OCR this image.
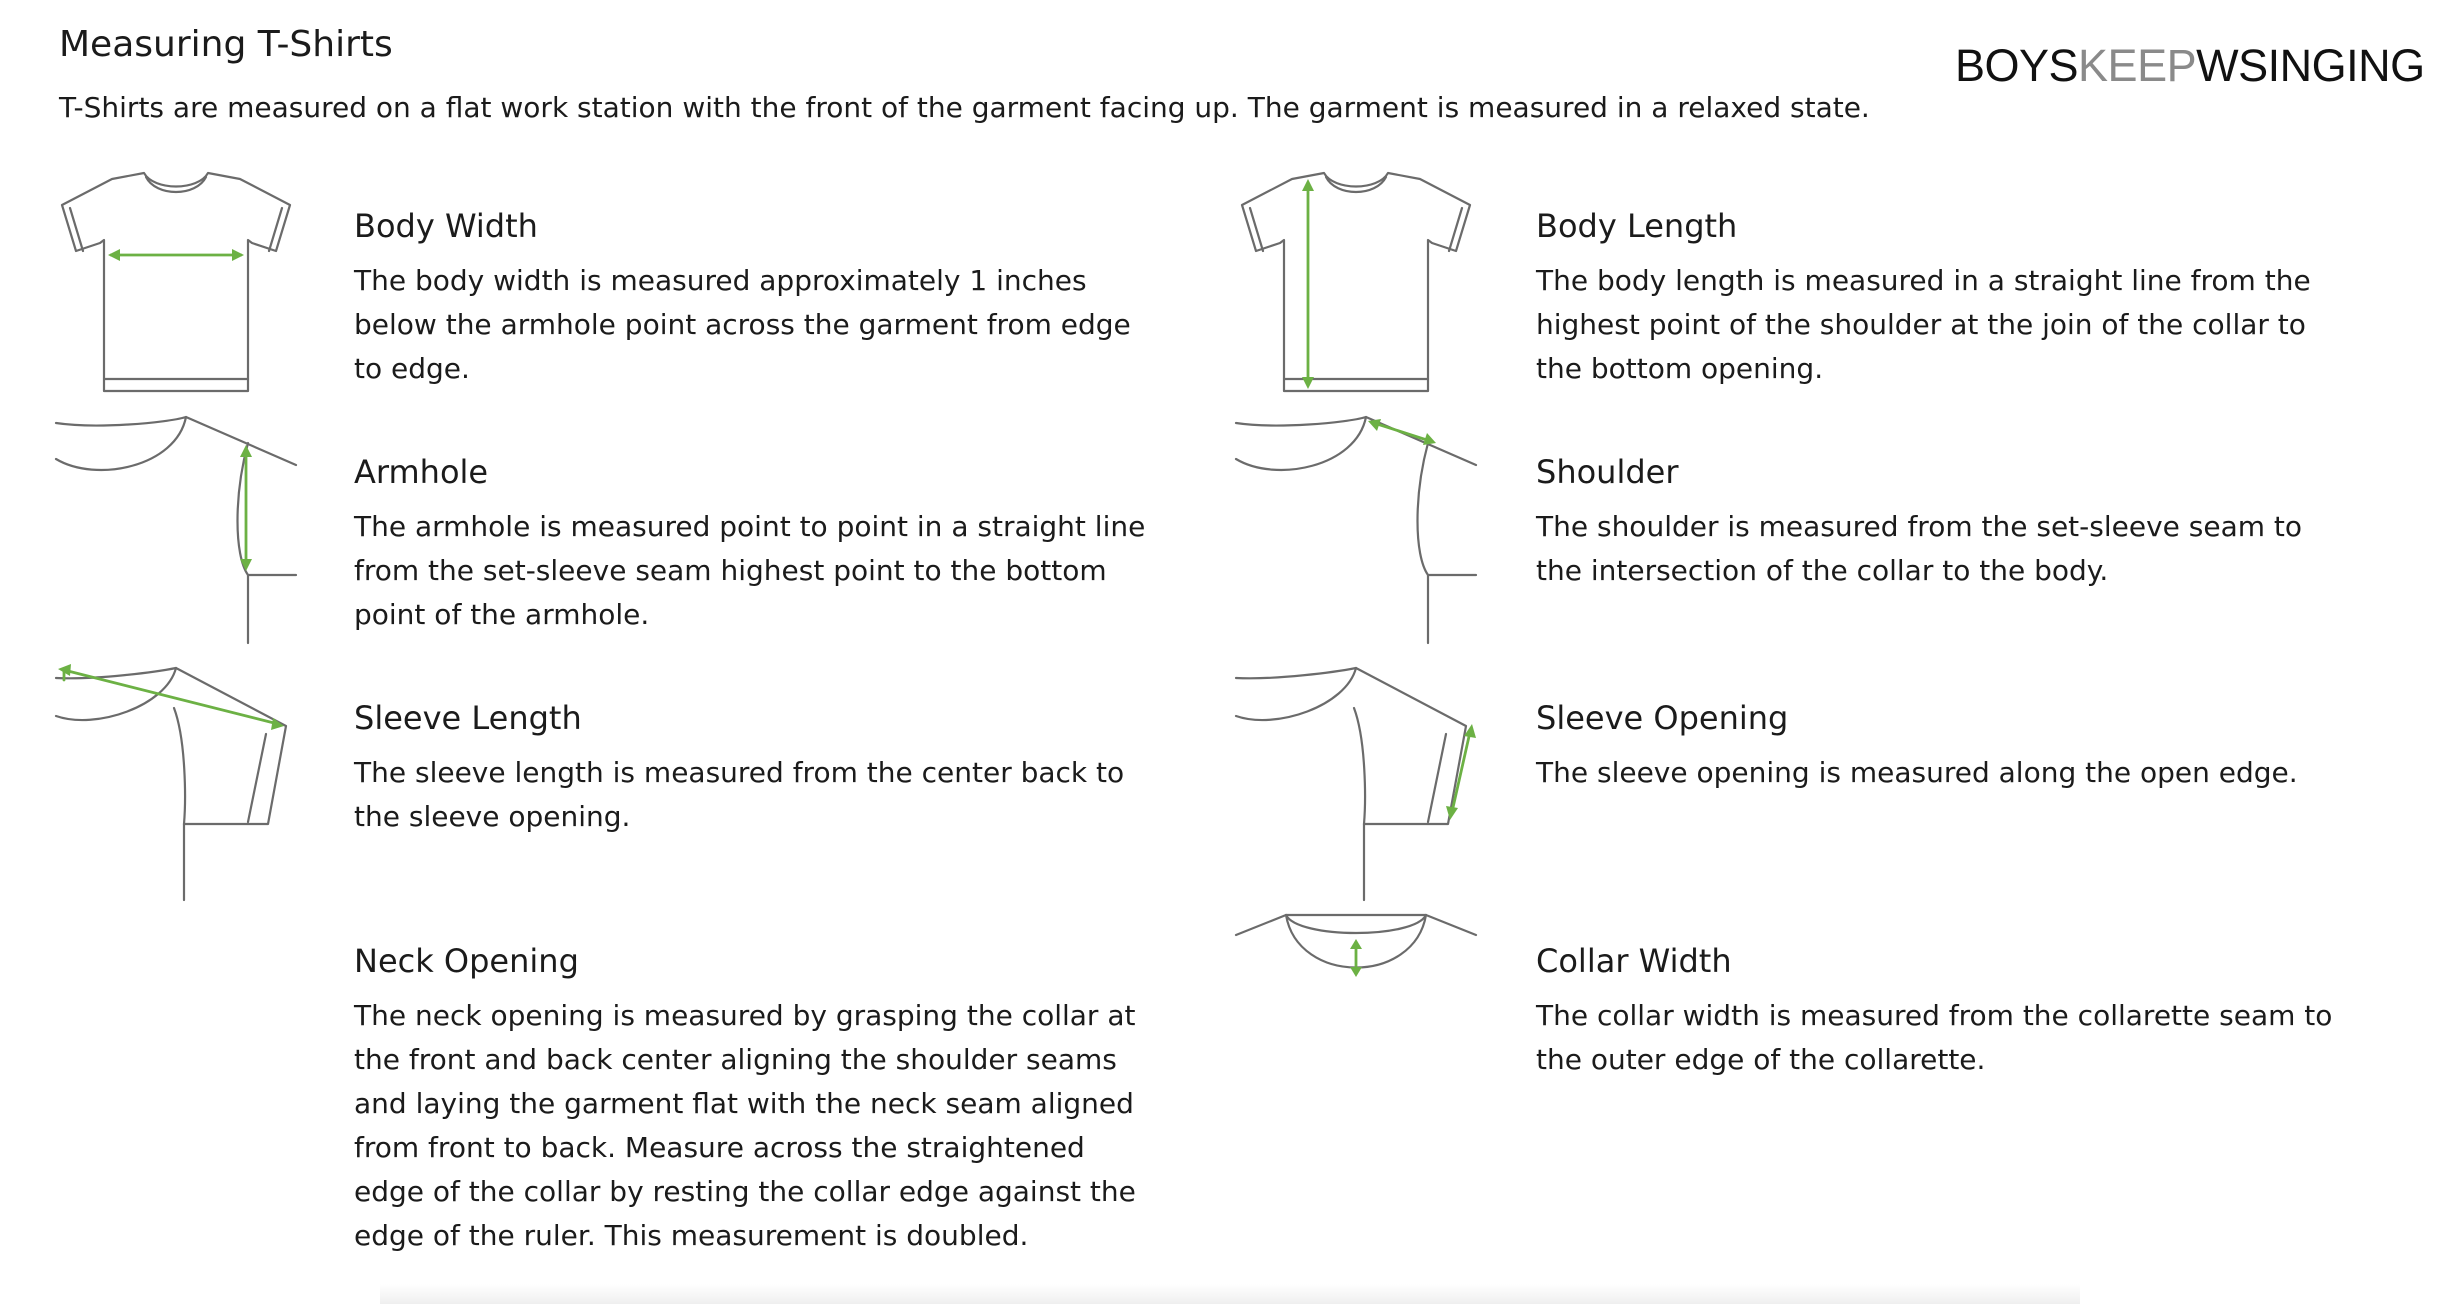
Measuring T-Shirts
T-Shirts are measured on a flat work station with the front of the garment facing up. The garment is measured in a relaxed state.
BOYSKEEPWSINGING
Body Width
The body width is measured approximately 1 inches below the armhole point across the garment from edge to edge.
Body Length
The body length is measured in a straight line from the highest point of the shoulder at the join of the collar to the bottom opening.
Armhole
The armhole is measured point to point in a straight line from the set-sleeve seam highest point to the bottom point of the armhole.
Shoulder
The shoulder is measured from the set-sleeve seam to the intersection of the collar to the body.
Sleeve Length
The sleeve length is measured from the center back to the sleeve opening.
Sleeve Opening
The sleeve opening is measured along the open edge.
Neck Opening
The neck opening is measured by grasping the collar at the front and back center aligning the shoulder seams and laying the garment flat with the neck seam aligned from front to back. Measure across the straightened edge of the collar by resting the collar edge against the edge of the ruler. This measurement is doubled.
Collar Width
The collar width is measured from the collarette seam to the outer edge of the collarette.
